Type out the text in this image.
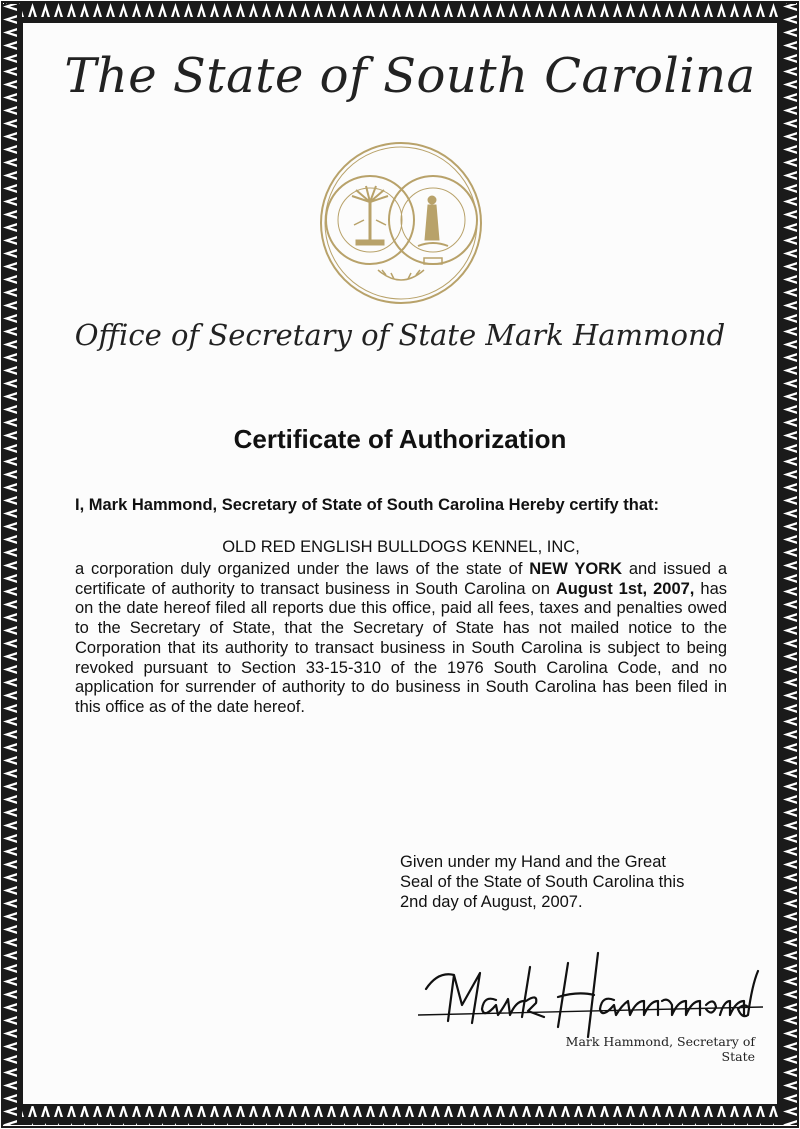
The State of South Carolina
Office of Secretary of State Mark Hammond
Certificate of Authorization
I, Mark Hammond, Secretary of State of South Carolina Hereby certify that:
OLD RED ENGLISH BULLDOGS KENNEL, INC,
a corporation duly organized under the laws of the state of NEW YORK and issued a certificate of authority to transact business in South Carolina on August 1st, 2007, has on the date hereof filed all reports due this office, paid all fees, taxes and penalties owed to the Secretary of State, that the Secretary of State has not mailed notice to the Corporation that its authority to transact business in South Carolina is subject to being revoked pursuant to Section 33-15-310 of the 1976 South Carolina Code, and no application for surrender of authority to do business in South Carolina has been filed in this office as of the date hereof.
Given under my Hand and the Great
Seal of the State of South Carolina this
2nd day of August, 2007.
Mark Hammond, Secretary of State
